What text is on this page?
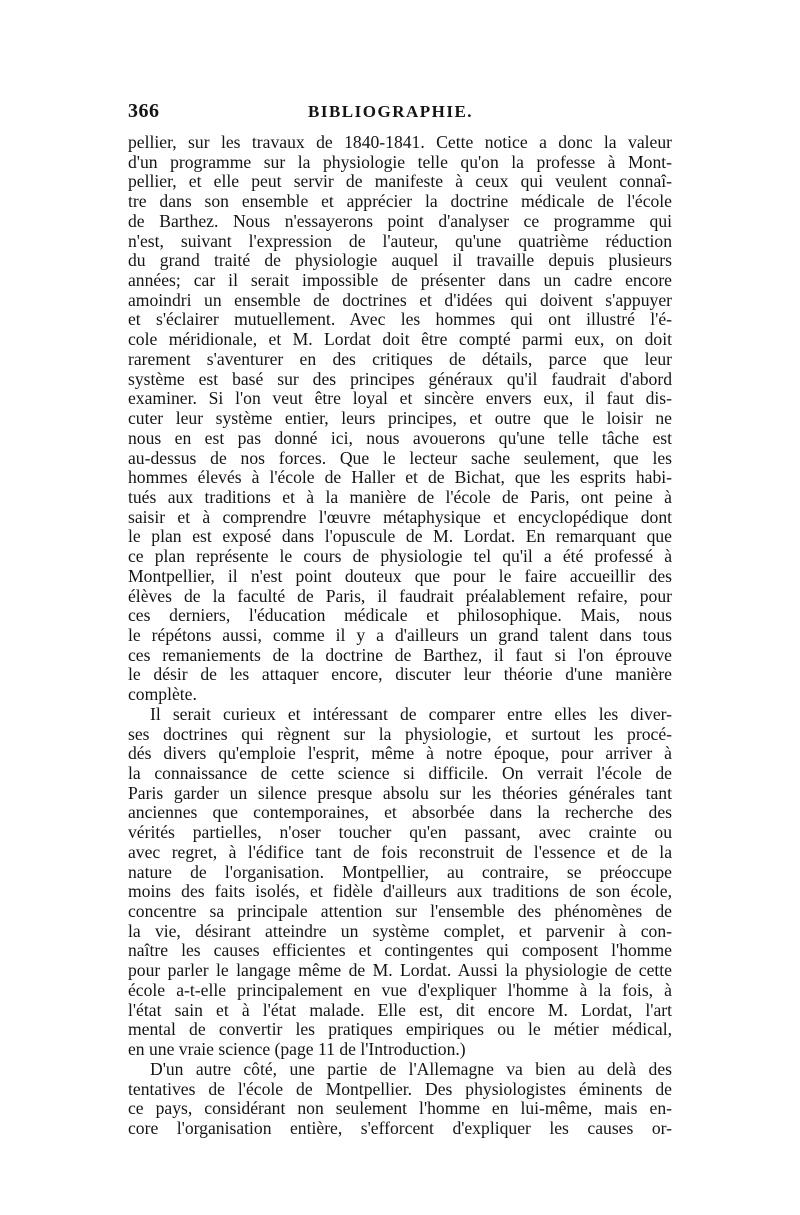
366	BIBLIOGRAPHIE.
pellier, sur les travaux de 1840-1841. Cette notice a donc la valeur
d'un programme sur la physiologie telle qu'on la professe à Mont-
pellier, et elle peut servir de manifeste à ceux qui veulent connaî-
tre dans son ensemble et apprécier la doctrine médicale de l'école
de Barthez. Nous n'essayerons point d'analyser ce programme qui
n'est, suivant l'expression de l'auteur, qu'une quatrième réduction
du grand traité de physiologie auquel il travaille depuis plusieurs
années; car il serait impossible de présenter dans un cadre encore
amoindri un ensemble de doctrines et d'idées qui doivent s'appuyer
et s'éclairer mutuellement. Avec les hommes qui ont illustré l'é-
cole méridionale, et M. Lordat doit être compté parmi eux, on doit
rarement s'aventurer en des critiques de détails, parce que leur
système est basé sur des principes généraux qu'il faudrait d'abord
examiner. Si l'on veut être loyal et sincère envers eux, il faut dis-
cuter leur système entier, leurs principes, et outre que le loisir ne
nous en est pas donné ici, nous avouerons qu'une telle tâche est
au-dessus de nos forces. Que le lecteur sache seulement, que les
hommes élevés à l'école de Haller et de Bichat, que les esprits habi-
tués aux traditions et à la manière de l'école de Paris, ont peine à
saisir et à comprendre l'œuvre métaphysique et encyclopédique dont
le plan est exposé dans l'opuscule de M. Lordat. En remarquant que
ce plan représente le cours de physiologie tel qu'il a été professé à
Montpellier, il n'est point douteux que pour le faire accueillir des
élèves de la faculté de Paris, il faudrait préalablement refaire, pour
ces derniers, l'éducation médicale et philosophique. Mais, nous
le répétons aussi, comme il y a d'ailleurs un grand talent dans tous
ces remaniements de la doctrine de Barthez, il faut si l'on éprouve
le désir de les attaquer encore, discuter leur théorie d'une manière
complète.
Il serait curieux et intéressant de comparer entre elles les diver-
ses doctrines qui règnent sur la physiologie, et surtout les procé-
dés divers qu'emploie l'esprit, même à notre époque, pour arriver à
la connaissance de cette science si difficile. On verrait l'école de
Paris garder un silence presque absolu sur les théories générales tant
anciennes que contemporaines, et absorbée dans la recherche des
vérités partielles, n'oser toucher qu'en passant, avec crainte ou
avec regret, à l'édifice tant de fois reconstruit de l'essence et de la
nature de l'organisation. Montpellier, au contraire, se préoccupe
moins des faits isolés, et fidèle d'ailleurs aux traditions de son école,
concentre sa principale attention sur l'ensemble des phénomènes de
la vie, désirant atteindre un système complet, et parvenir à con-
naître les causes efficientes et contingentes qui composent l'homme
pour parler le langage même de M. Lordat. Aussi la physiologie de cette
école a-t-elle principalement en vue d'expliquer l'homme à la fois, à
l'état sain et à l'état malade. Elle est, dit encore M. Lordat, l'art
mental de convertir les pratiques empiriques ou le métier médical,
en une vraie science (page 11 de l'Introduction.)
D'un autre côté, une partie de l'Allemagne va bien au delà des
tentatives de l'école de Montpellier. Des physiologistes éminents de
ce pays, considérant non seulement l'homme en lui-même, mais en-
core l'organisation entière, s'efforcent d'expliquer les causes or-
